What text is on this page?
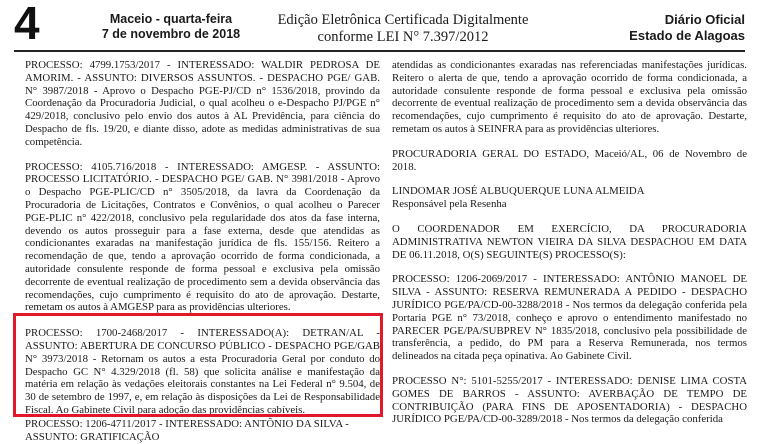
4	Maceio - quarta-feira
7 de novembro de 2018
Edição Eletrônica Certificada Digitalmente
conforme LEI N° 7.397/2012
Diário Oficial
Estado de Alagoas

PROCESSO: 4799.1753/2017 - INTERESSADO: WALDIR PEDROSA DE AMORIM. - ASSUNTO: DIVERSOS ASSUNTOS. - DESPACHO PGE/ GAB. N° 3987/2018 - Aprovo o Despacho PGE-PJ/CD n° 1536/2018, provindo da Coordenação da Procuradoria Judicial, o qual acolheu o e-Despacho PJ/PGE n° 429/2018, conclusivo pelo envio dos autos à AL Previdência, para ciência do Despacho de fls. 19/20, e diante disso, adote as medidas administrativas de sua competência.

PROCESSO: 4105.716/2018 - INTERESSADO: AMGESP. - ASSUNTO: PROCESSO LICITATÓRIO. - DESPACHO PGE/ GAB. N° 3981/2018 - Aprovo o Despacho PGE-PLIC/CD n° 3505/2018, da lavra da Coordenação da Procuradoria de Licitações, Contratos e Convênios, o qual acolheu o Parecer PGE-PLIC n° 422/2018, conclusivo pela regularidade dos atos da fase interna, devendo os autos prosseguir para a fase externa, desde que atendidas as condicionantes exaradas na manifestação jurídica de fls. 155/156. Reitero a recomendação de que, tendo a aprovação ocorrido de forma condicionada, a autoridade consulente responde de forma pessoal e exclusiva pela omissão decorrente de eventual realização de procedimento sem a devida observância das recomendações, cujo cumprimento é requisito do ato de aprovação. Destarte, remetam os autos à AMGESP para as providências ulteriores.

PROCESSO: 1700-2468/2017 - INTERESSADO(A): DETRAN/AL - ASSUNTO: ABERTURA DE CONCURSO PÚBLICO - DESPACHO PGE/GAB N° 3973/2018 - Retornam os autos a esta Procuradoria Geral por conduto do Despacho GC N° 4.329/2018 (fl. 58) que solicita análise e manifestação da matéria em relação às vedações eleitorais constantes na Lei Federal n° 9.504, de 30 de setembro de 1997, e, em relação às disposições da Lei de Responsabilidade Fiscal. Ao Gabinete Civil para adoção das providências cabíveis.

PROCESSO: 1206-4711/2017 - INTERESSADO: ANTÔNIO DA SILVA - ASSUNTO: GRATIFICAÇÃO

atendidas as condicionantes exaradas nas referenciadas manifestações jurídicas. Reitero o alerta de que, tendo a aprovação ocorrido de forma condicionada, a autoridade consulente responde de forma pessoal e exclusiva pela omissão decorrente de eventual realização de procedimento sem a devida observância das recomendações, cujo cumprimento é requisito do ato de aprovação. Destarte, remetam os autos à SEINFRA para as providências ulteriores.

PROCURADORIA GERAL DO ESTADO, Maceió/AL, 06 de Novembro de 2018.

LINDOMAR JOSÉ ALBUQUERQUE LUNA ALMEIDA

Responsável pela Resenha

O COORDENADOR EM EXERCÍCIO, DA PROCURADORIA ADMINISTRATIVA NEWTON VIEIRA DA SILVA DESPACHOU EM DATA DE 06.11.2018, O(S) SEGUINTE(S) PROCESSO(S):

PROCESSO: 1206-2069/2017 - INTERESSADO: ANTÔNIO MANOEL DE SILVA - ASSUNTO: RESERVA REMUNERADA A PEDIDO - DESPACHO JURÍDICO PGE/PA/CD-00-3288/2018 - Nos termos da delegação conferida pela Portaria PGE n° 73/2018, conheço e aprovo o entendimento manifestado no PARECER PGE/PA/SUBPREV N° 1835/2018, conclusivo pela possibilidade de transferência, a pedido, do PM para a Reserva Remunerada, nos termos delineados na citada peça opinativa. Ao Gabinete Civil.

PROCESSO N°: 5101-5255/2017 - INTERESSADO: DENISE LIMA COSTA GOMES DE BARROS - ASSUNTO: AVERBAÇÃO DE TEMPO DE CONTRIBUIÇÃO (PARA FINS DE APOSENTADORIA) - DESPACHO JURÍDICO PGE/PA/CD-00-3289/2018 - Nos termos da delegação conferida
